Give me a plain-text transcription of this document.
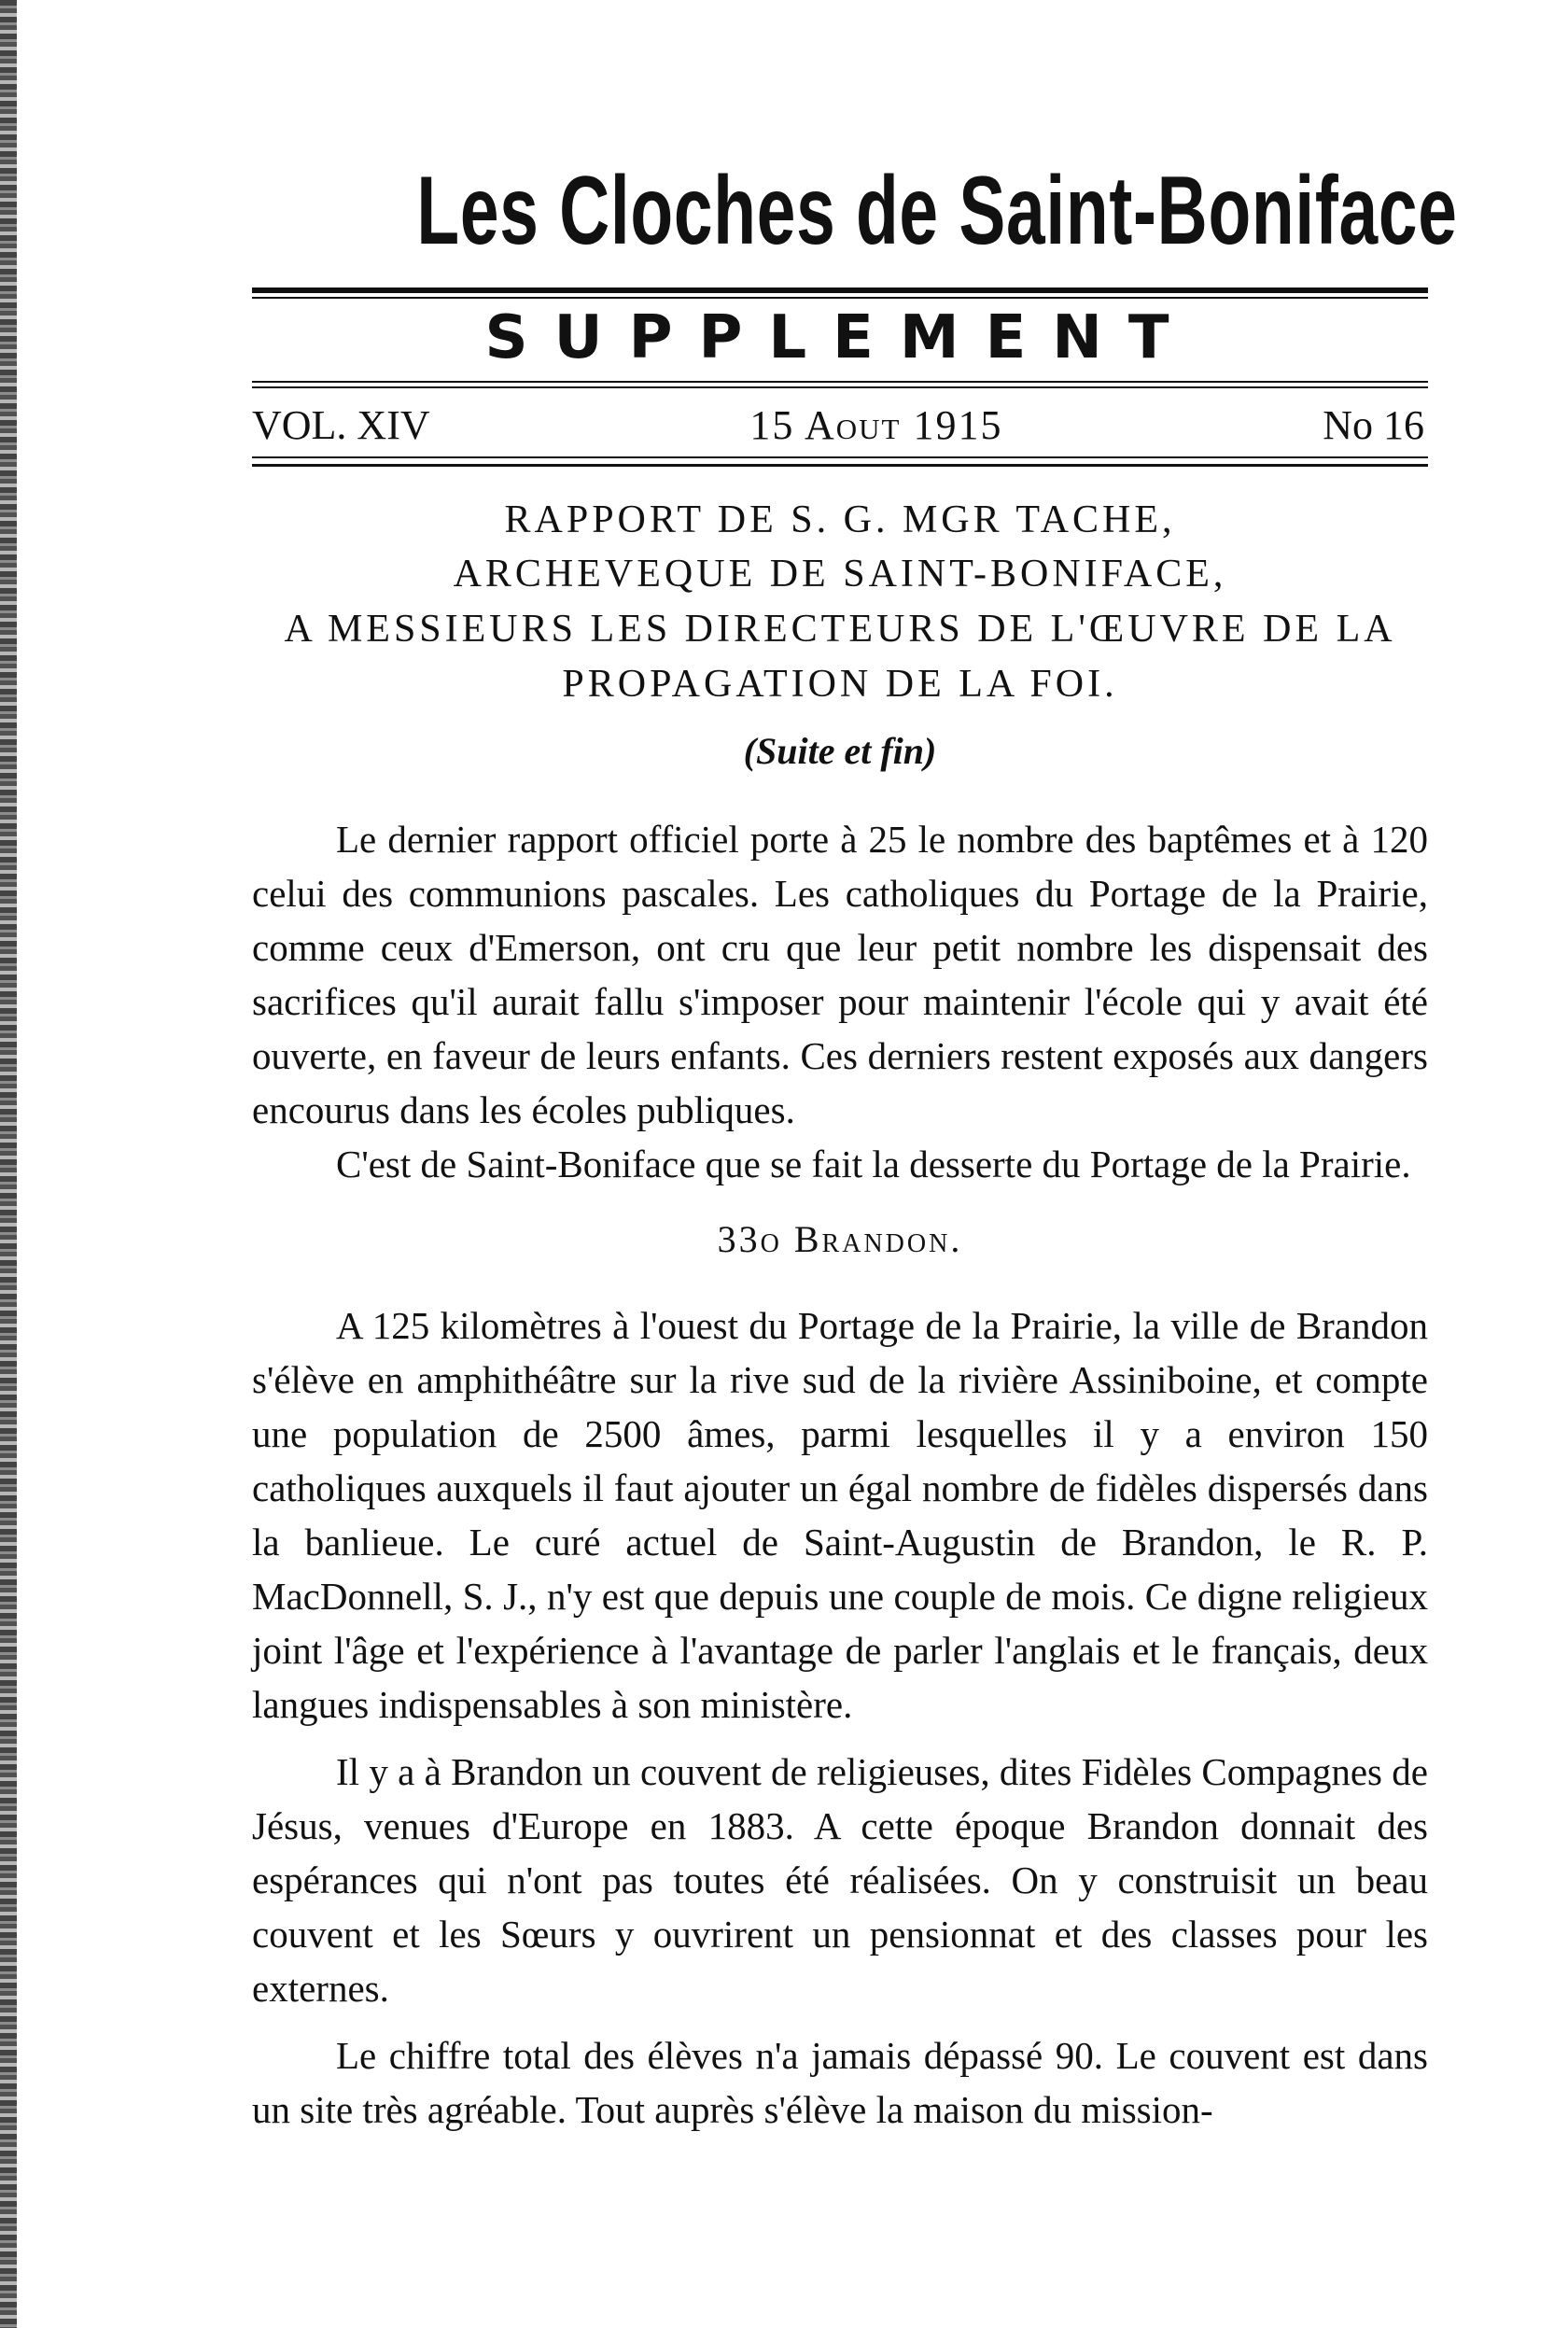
Les Cloches de Saint-Boniface
SUPPLEMENT
VOL. XIV	15 Aout 1915	No 16
RAPPORT DE S. G. MGR TACHE,
ARCHEVEQUE DE SAINT-BONIFACE,
A MESSIEURS LES DIRECTEURS DE L'ŒUVRE DE LA
PROPAGATION DE LA FOI.
(Suite et fin)

Le dernier rapport officiel porte à 25 le nombre des baptêmes et à 120 celui des communions pascales. Les catholiques du Portage de la Prairie, comme ceux d'Emerson, ont cru que leur petit nombre les dispensait des sacrifices qu'il aurait fallu s'imposer pour maintenir l'école qui y avait été ouverte, en faveur de leurs enfants. Ces derniers restent exposés aux dangers encourus dans les écoles publiques.

C'est de Saint-Boniface que se fait la desserte du Portage de la Prairie.

33o Brandon.

A 125 kilomètres à l'ouest du Portage de la Prairie, la ville de Brandon s'élève en amphithéâtre sur la rive sud de la rivière Assiniboine, et compte une population de 2500 âmes, parmi lesquelles il y a environ 150 catholiques auxquels il faut ajouter un égal nombre de fidèles dispersés dans la banlieue. Le curé actuel de Saint-Augustin de Brandon, le R. P. MacDonnell, S. J., n'y est que depuis une couple de mois. Ce digne religieux joint l'âge et l'expérience à l'avantage de parler l'anglais et le français, deux langues indispensables à son ministère.

Il y a à Brandon un couvent de religieuses, dites Fidèles Compagnes de Jésus, venues d'Europe en 1883. A cette époque Brandon donnait des espérances qui n'ont pas toutes été réalisées. On y construisit un beau couvent et les Sœurs y ouvrirent un pensionnat et des classes pour les externes.

Le chiffre total des élèves n'a jamais dépassé 90. Le couvent est dans un site très agréable. Tout auprès s'élève la maison du mission-
